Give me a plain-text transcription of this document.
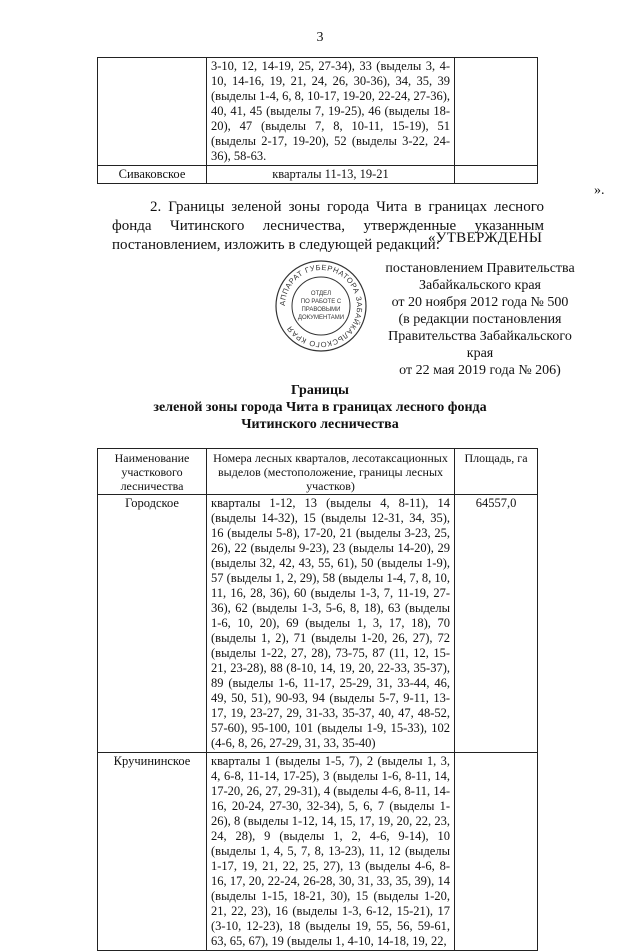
3
	3-10, 12, 14-19, 25, 27-34), 33 (выделы 3, 4-10, 14-16, 19, 21, 24, 26, 30-36), 34, 35, 39 (выделы 1-4, 6, 8, 10-17, 19-20, 22-24, 27-36), 40, 41, 45 (выделы 7, 19-25), 46 (выделы 18-20), 47 (выделы 7, 8, 10-11, 15-19), 51 (выделы 2-17, 19-20), 52 (выделы 3-22, 24-36), 58-63.	
Сиваковское	кварталы 11-13, 19-21	
».
2. Границы зеленой зоны города Чита в границах лесного фонда Читинского лесничества, утвержденные указанным постановлением, изложить в следующей редакции:
«УТВЕРЖДЕНЫ
АППАРАТ ГУБЕРНАТОРА ЗАБАЙКАЛЬСКОГО КРАЯ
ОТДЕЛ ПО РАБОТЕ С ПРАВОВЫМИ ДОКУМЕНТАМИ
постановлением Правительства
Забайкальского края
от 20 ноября 2012 года № 500
(в редакции постановления
Правительства Забайкальского края
от 22 мая 2019 года № 206)
Границы
зеленой зоны города Чита в границах лесного фонда
Читинского лесничества
Наименование участкового лесничества	Номера лесных кварталов, лесотаксационных выделов (местоположение, границы лесных участков)	Площадь, га
Городское	кварталы 1-12, 13 (выделы 4, 8-11), 14 (выделы 14-32), 15 (выделы 12-31, 34, 35), 16 (выделы 5-8), 17-20, 21 (выделы 3-23, 25, 26), 22 (выделы 9-23), 23 (выделы 14-20), 29 (выделы 32, 42, 43, 55, 61), 50 (выделы 1-9), 57 (выделы 1, 2, 29), 58 (выделы 1-4, 7, 8, 10, 11, 16, 28, 36), 60 (выделы 1-3, 7, 11-19, 27-36), 62 (выделы 1-3, 5-6, 8, 18), 63 (выделы 1-6, 10, 20), 69 (выделы 1, 3, 17, 18), 70 (выделы 1, 2), 71 (выделы 1-20, 26, 27), 72 (выделы 1-22, 27, 28), 73-75, 87 (11, 12, 15-21, 23-28), 88 (8-10, 14, 19, 20, 22-33, 35-37), 89 (выделы 1-6, 11-17, 25-29, 31, 33-44, 46, 49, 50, 51), 90-93, 94 (выделы 5-7, 9-11, 13-17, 19, 23-27, 29, 31-33, 35-37, 40, 47, 48-52, 57-60), 95-100, 101 (выделы 1-9, 15-33), 102 (4-6, 8, 26, 27-29, 31, 33, 35-40)	64557,0
Кручининское	кварталы 1 (выделы 1-5, 7), 2 (выделы 1, 3, 4, 6-8, 11-14, 17-25), 3 (выделы 1-6, 8-11, 14, 17-20, 26, 27, 29-31), 4 (выделы 4-6, 8-11, 14-16, 20-24, 27-30, 32-34), 5, 6, 7 (выделы 1-26), 8 (выделы 1-12, 14, 15, 17, 19, 20, 22, 23, 24, 28), 9 (выделы 1, 2, 4-6, 9-14), 10 (выделы 1, 4, 5, 7, 8, 13-23), 11, 12 (выделы 1-17, 19, 21, 22, 25, 27), 13 (выделы 4-6, 8-16, 17, 20, 22-24, 26-28, 30, 31, 33, 35, 39), 14 (выделы 1-15, 18-21, 30), 15 (выделы 1-20, 21, 22, 23), 16 (выделы 1-3, 6-12, 15-21), 17 (3-10, 12-23), 18 (выделы 19, 55, 56, 59-61, 63, 65, 67), 19 (выделы 1, 4-10, 14-18, 19, 22,	
